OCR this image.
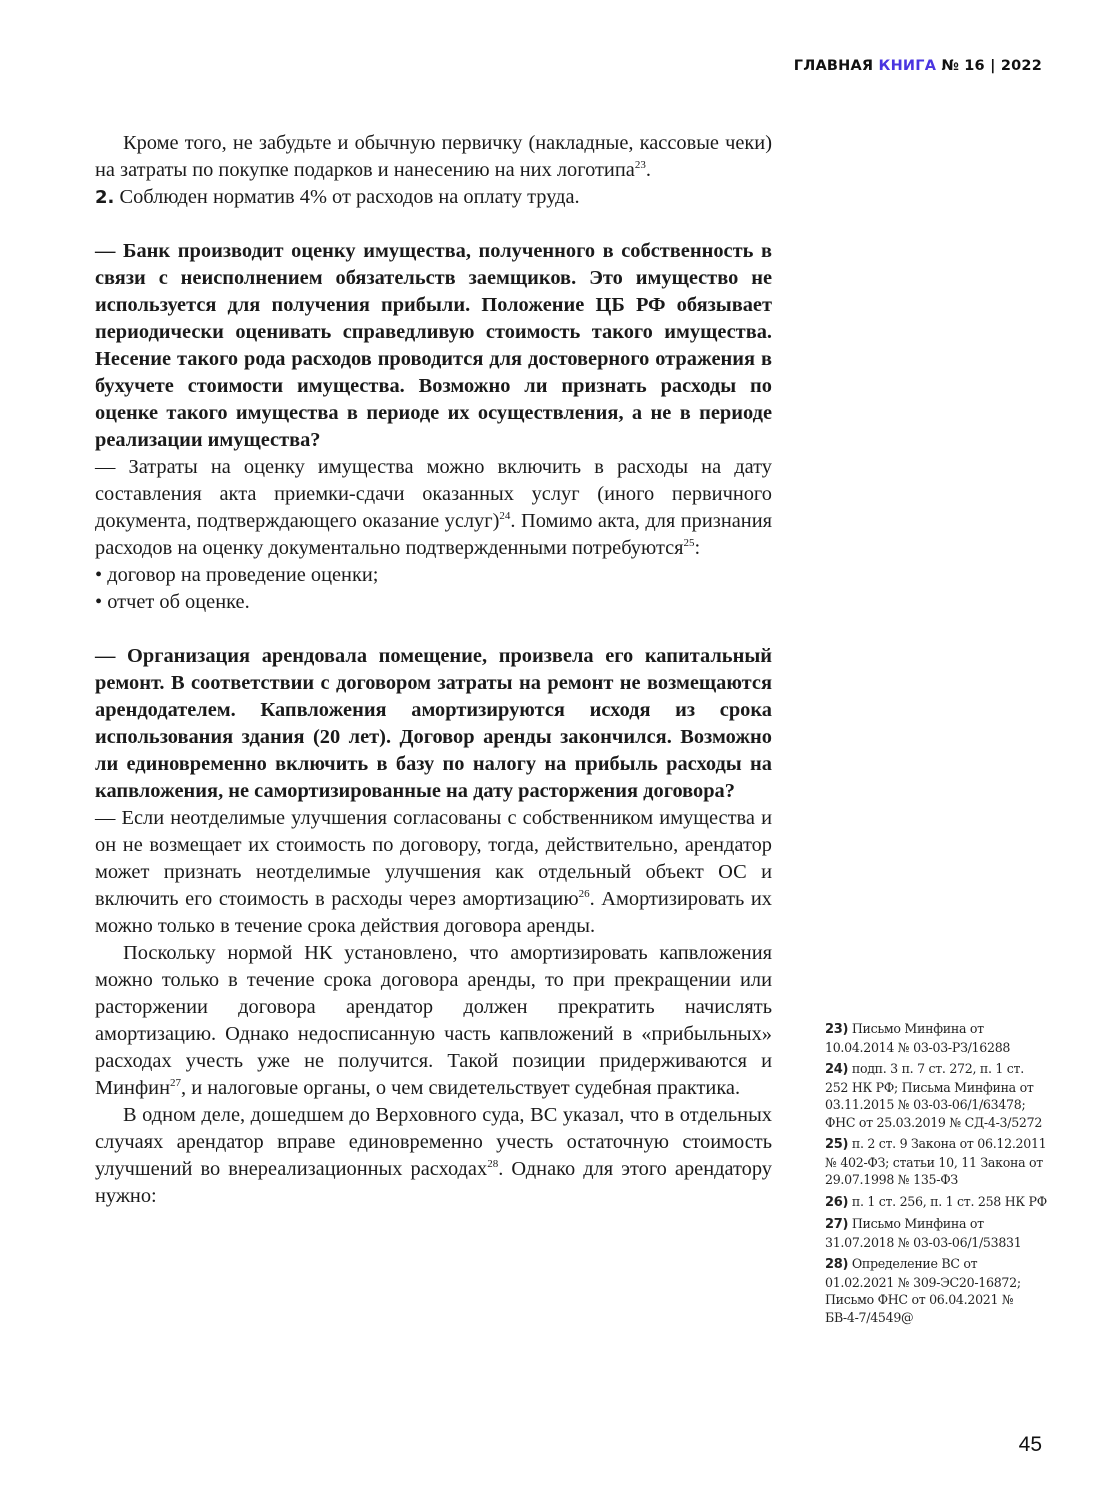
ГЛАВНАЯ КНИГА № 16 | 2022

Кроме того, не забудьте и обычную первичку (накладные, кассовые чеки) на затраты по покупке подарков и нанесению на них логотипа$^{23}$.

2. Соблюден норматив 4% от расходов на оплату труда.

— Банк производит оценку имущества, полученного в собственность в связи с неисполнением обязательств заемщиков. Это имущество не используется для получения прибыли. Положение ЦБ РФ обязывает периодически оценивать справедливую стоимость такого имущества. Несение такого рода расходов проводится для достоверного отражения в бухучете стоимости имущества. Возможно ли признать расходы по оценке такого имущества в периоде их осуществления, а не в периоде реализации имущества?

— Затраты на оценку имущества можно включить в расходы на дату составления акта приемки-сдачи оказанных услуг (иного первичного документа, подтверждающего оказание услуг)$^{24}$. Помимо акта, для признания расходов на оценку документально подтвержденными потребуются$^{25}$:

• договор на проведение оценки;

• отчет об оценке.

— Организация арендовала помещение, произвела его капитальный ремонт. В соответствии с договором затраты на ремонт не возмещаются арендодателем. Капвложения амортизируются исходя из срока использования здания (20 лет). Договор аренды закончился. Возможно ли единовременно включить в базу по налогу на прибыль расходы на капвложения, не самортизированные на дату расторжения договора?

— Если неотделимые улучшения согласованы с собственником имущества и он не возмещает их стоимость по договору, тогда, действительно, арендатор может признать неотделимые улучшения как отдельный объект ОС и включить его стоимость в расходы через амортизацию$^{26}$. Амортизировать их можно только в течение срока действия договора аренды.

Поскольку нормой НК установлено, что амортизировать капвложения можно только в течение срока договора аренды, то при прекращении или расторжении договора арендатор должен прекратить начислять амортизацию. Однако недосписанную часть капвложений в «прибыльных» расходах учесть уже не получится. Такой позиции придерживаются и Минфин$^{27}$, и налоговые органы, о чем свидетельствует судебная практика.

В одном деле, дошедшем до Верховного суда, ВС указал, что в отдельных случаях арендатор вправе единовременно учесть остаточную стоимость улучшений во внереализационных расходах$^{28}$. Однако для этого арендатору нужно:

23) Письмо Минфина от 10.04.2014 № 03-03-РЗ/16288
24) подп. 3 п. 7 ст. 272, п. 1 ст. 252 НК РФ; Письма Минфина от 03.11.2015 № 03-03-06/1/63478; ФНС от 25.03.2019 № СД-4-3/5272
25) п. 2 ст. 9 Закона от 06.12.2011 № 402-ФЗ; статьи 10, 11 Закона от 29.07.1998 № 135-ФЗ
26) п. 1 ст. 256, п. 1 ст. 258 НК РФ
27) Письмо Минфина от 31.07.2018 № 03-03-06/1/53831
28) Определение ВС от 01.02.2021 № 309-ЭС20-16872; Письмо ФНС от 06.04.2021 № БВ-4-7/4549@
45
